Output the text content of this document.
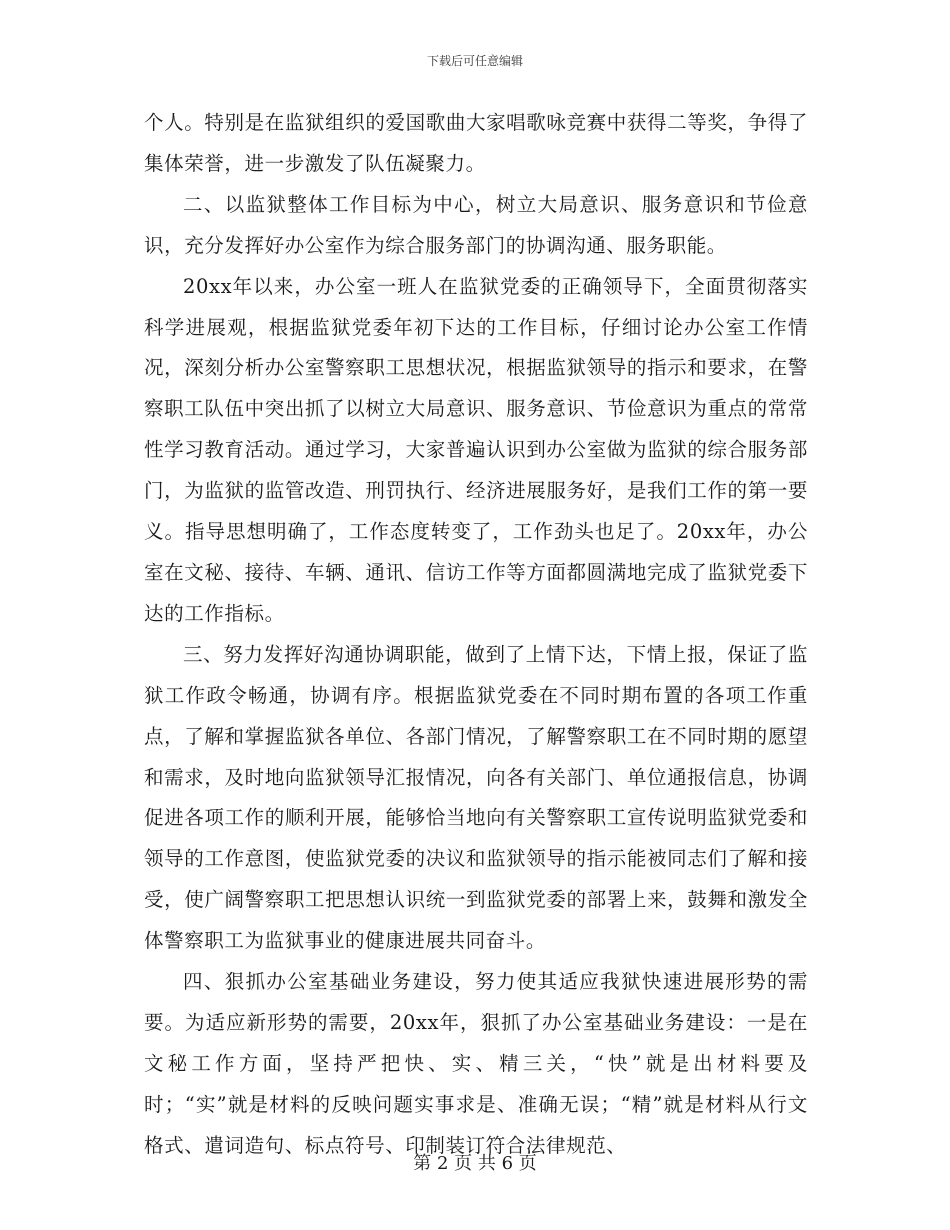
下载后可任意编辑

个人。特别是在监狱组织的爱国歌曲大家唱歌咏竞赛中获得二等奖，争得了集体荣誉，进一步激发了队伍凝聚力。

二、以监狱整体工作目标为中心，树立大局意识、服务意识和节俭意识，充分发挥好办公室作为综合服务部门的协调沟通、服务职能。

20xx年以来，办公室一班人在监狱党委的正确领导下，全面贯彻落实科学进展观，根据监狱党委年初下达的工作目标，仔细讨论办公室工作情况，深刻分析办公室警察职工思想状况，根据监狱领导的指示和要求，在警察职工队伍中突出抓了以树立大局意识、服务意识、节俭意识为重点的常常性学习教育活动。通过学习，大家普遍认识到办公室做为监狱的综合服务部门，为监狱的监管改造、刑罚执行、经济进展服务好，是我们工作的第一要义。指导思想明确了，工作态度转变了，工作劲头也足了。20xx年，办公室在文秘、接待、车辆、通讯、信访工作等方面都圆满地完成了监狱党委下达的工作指标。

三、努力发挥好沟通协调职能，做到了上情下达，下情上报，保证了监狱工作政令畅通，协调有序。根据监狱党委在不同时期布置的各项工作重点，了解和掌握监狱各单位、各部门情况，了解警察职工在不同时期的愿望和需求，及时地向监狱领导汇报情况，向各有关部门、单位通报信息，协调促进各项工作的顺利开展，能够恰当地向有关警察职工宣传说明监狱党委和领导的工作意图，使监狱党委的决议和监狱领导的指示能被同志们了解和接受，使广阔警察职工把思想认识统一到监狱党委的部署上来，鼓舞和激发全体警察职工为监狱事业的健康进展共同奋斗。

四、狠抓办公室基础业务建设，努力使其适应我狱快速进展形势的需要。为适应新形势的需要，20xx年，狠抓了办公室基础业务建设：一是在文秘工作方面，坚持严把快、实、精三关，“快”就是出材料要及时；“实”就是材料的反映问题实事求是、准确无误；“精”就是材料从行文格式、遣词造句、标点符号、印制装订符合法律规范、

第 2 页 共 6 页
